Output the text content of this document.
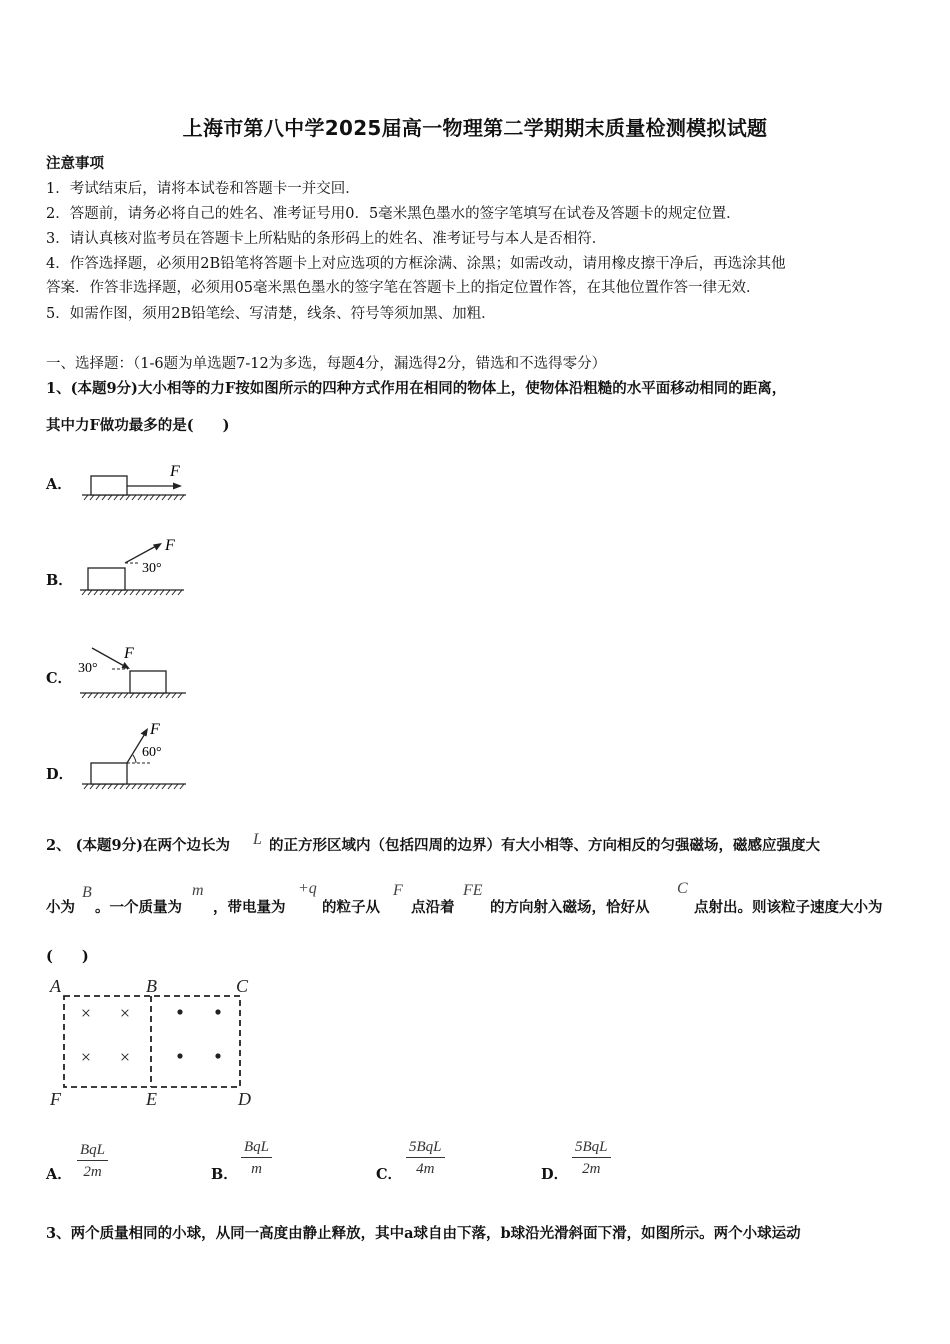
上海市第八中学2025届高一物理第二学期期末质量检测模拟试题
注意事项
1．考试结束后，请将本试卷和答题卡一并交回．
2．答题前，请务必将自己的姓名、准考证号用0．5毫米黑色墨水的签字笔填写在试卷及答题卡的规定位置．
3．请认真核对监考员在答题卡上所粘贴的条形码上的姓名、准考证号与本人是否相符．
4．作答选择题，必须用2B铅笔将答题卡上对应选项的方框涂满、涂黑；如需改动，请用橡皮擦干净后，再选涂其他
答案．作答非选择题，必须用05毫米黑色墨水的签字笔在答题卡上的指定位置作答，在其他位置作答一律无效．
5．如需作图，须用2B铅笔绘、写清楚，线条、符号等须加黑、加粗．
一、选择题：（1-6题为单选题7-12为多选，每题4分，漏选得2分，错选和不选得零分）
1、(本题9分)大小相等的力F按如图所示的四种方式作用在相同的物体上，使物体沿粗糙的水平面移动相同的距离，
其中力F做功最多的是(　　)
A．
F
B．
F
30°
C．
F
30°
D．
F
60°
2、 (本题9分)在两个边长为 L 的正方形区域内（包括四周的边界）有大小相等、方向相反的匀强磁场，磁感应强度大
小为
B
。一个质量为
m
，带电量为
+q
的粒子从
F
点沿着
FE
的方向射入磁场，恰好从
C
点射出。则该粒子速度大小为
(　　)
× ×
× ×
A	B	C
F	E	D
A．
BqL
2m	B．
BqL
m	C．
5BqL
4m	D．
5BqL
2m
3、两个质量相同的小球，从同一高度由静止释放，其中a球自由下落，b球沿光滑斜面下滑，如图所示。两个小球运动
